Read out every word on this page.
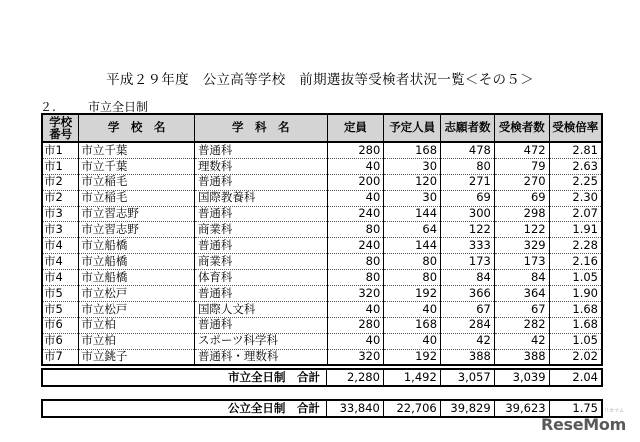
平成２９年度　公立高等学校　前期選抜等受検者状況一覧＜その５＞
２.	市立全日制
学校
番号	学　校　名	学　科　名	定員	予定人員	志願者数	受検者数	受検倍率
市1	市立千葉	普通科	280	168	478	472	2.81
市1	市立千葉	理数科	40	30	80	79	2.63
市2	市立稲毛	普通科	200	120	271	270	2.25
市2	市立稲毛	国際教養科	40	30	69	69	2.30
市3	市立習志野	普通科	240	144	300	298	2.07
市3	市立習志野	商業科	80	64	122	122	1.91
市4	市立船橋	普通科	240	144	333	329	2.28
市4	市立船橋	商業科	80	80	173	173	2.16
市4	市立船橋	体育科	80	80	84	84	1.05
市5	市立松戸	普通科	320	192	366	364	1.90
市5	市立松戸	国際人文科	40	40	67	67	1.68
市6	市立柏	普通科	280	168	284	282	1.68
市6	市立柏	スポーツ科学科	40	40	42	42	1.05
市7	市立銚子	普通科・理数科	320	192	388	388	2.02
市立全日制　合計	2,280	1,492	3,057	3,039	2.04
公立全日制　合計	33,840	22,706	39,829	39,623	1.75 リセマム
ReseMom
